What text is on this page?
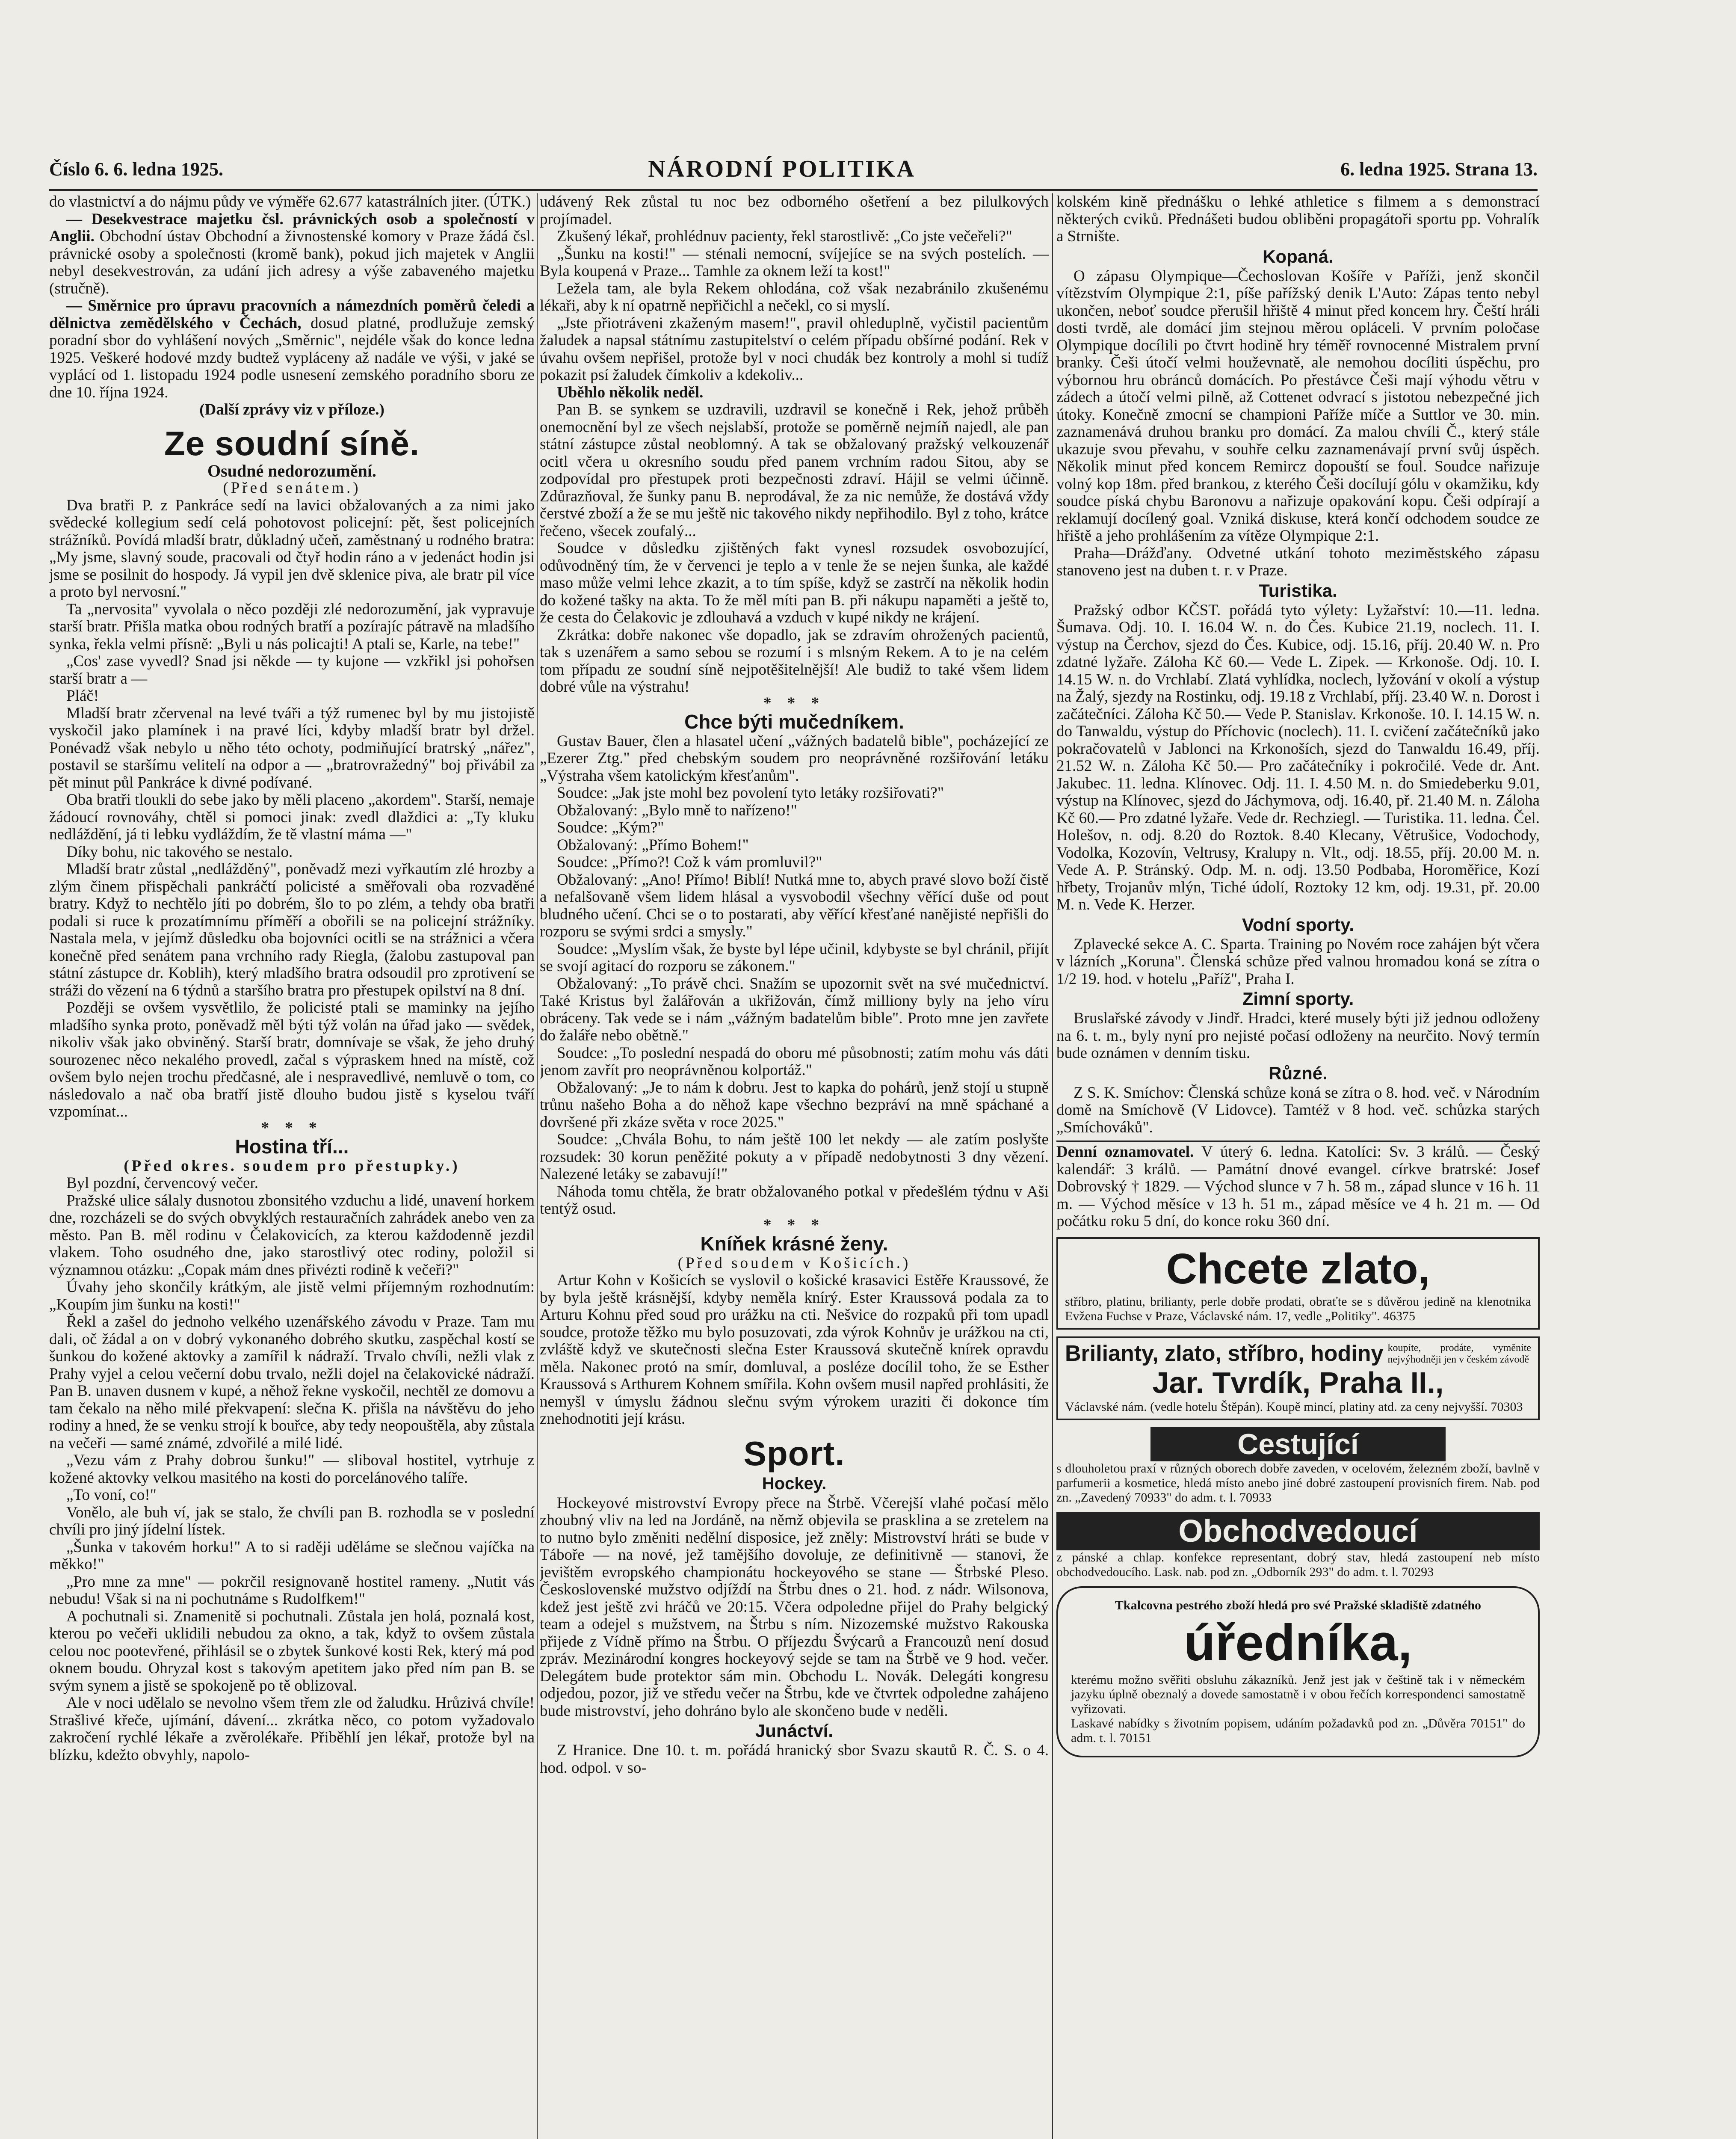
Číslo 6. 6. ledna 1925.	NÁRODNÍ POLITIKA	6. ledna 1925. Strana 13.

do vlastnictví a do nájmu půdy ve výměře 62.677 katastrálních jiter. (ÚTK.)

— Desekvestrace majetku čsl. právnických osob a společností v Anglii. Obchodní ústav Obchodní a živnostenské komory v Praze žádá čsl. právnické osoby a společnosti (kromě bank), pokud jich majetek v Anglii nebyl desekvestrován, za udání jich adresy a výše zabaveného majetku (stručně).

— Směrnice pro úpravu pracovních a námezdních poměrů čeledi a dělnictva zemědělského v Čechách, dosud platné, prodlužuje zemský poradní sbor do vyhlášení nových „Směrnic", nejdéle však do konce ledna 1925. Veškeré hodové mzdy budtež vypláceny až nadále ve výši, v jaké se vyplácí od 1. listopadu 1924 podle usnesení zemského poradního sboru ze dne 10. října 1924.

(Další zprávy viz v příloze.)

Ze soudní síně.
Osudné nedorozumění.
(Před senátem.)

Dva bratři P. z Pankráce sedí na lavici obžalovaných a za nimi jako svědecké kollegium sedí celá pohotovost policejní: pět, šest policejních strážníků. Povídá mladší bratr, důkladný učeň, zaměstnaný u rodného bratra: „My jsme, slavný soude, pracovali od čtyř hodin ráno a v jedenáct hodin jsi jsme se posilnit do hospody. Já vypil jen dvě sklenice piva, ale bratr pil více a proto byl nervosní."

Ta „nervosita" vyvolala o něco později zlé nedorozumění, jak vypravuje starší bratr. Přišla matka obou rodných bratří a pozírajíc pátravě na mladšího synka, řekla velmi přísně: „Byli u nás policajti! A ptali se, Karle, na tebe!"

„Cos' zase vyvedl? Snad jsi někde — ty kujone — vzkřikl jsi pohořsen starší bratr a —

Pláč!

Mladší bratr zčervenal na levé tváři a týž rumenec byl by mu jistojistě vyskočil jako plamínek i na pravé líci, kdyby mladší bratr byl držel. Ponévadž však nebylo u něho této ochoty, podmiňující bratrský „nářez", postavil se staršímu velitelí na odpor a — „bratrovražedný" boj přivábil za pět minut půl Pankráce k divné podívané.

Oba bratři tloukli do sebe jako by měli placeno „akordem". Starší, nemaje žádoucí rovnováhy, chtěl si pomoci jinak: zvedl dlaždici a: „Ty kluku nedláždění, já ti lebku vydláždím, že tě vlastní máma —"

Díky bohu, nic takového se nestalo.

Mladší bratr zůstal „nedlážděný", poněvadž mezi vyřkautím zlé hrozby a zlým činem přispěchali pankráčtí policisté a směřovali oba rozvaděné bratry. Když to nechtělo jíti po dobrém, šlo to po zlém, a tehdy oba bratři podali si ruce k prozatímnímu příměří a obořili se na policejní strážníky. Nastala mela, v jejímž důsledku oba bojovníci ocitli se na strážnici a včera konečně před senátem pana vrchního rady Riegla, (žalobu zastupoval pan státní zástupce dr. Koblih), který mladšího bratra odsoudil pro zprotivení se stráži do vězení na 6 týdnů a staršího bratra pro přestupek opilství na 8 dní.

Později se ovšem vysvětlilo, že policisté ptali se maminky na jejího mladšího synka proto, poněvadž měl býti týž volán na úřad jako — svědek, nikoliv však jako obviněný. Starší bratr, domnívaje se však, že jeho druhý sourozenec něco nekalého provedl, začal s výpraskem hned na místě, což ovšem bylo nejen trochu předčasné, ale i nespravedlivé, nemluvě o tom, co následovalo a nač oba bratří jistě dlouho budou jistě s kyselou tváří vzpomínat...

* * *
Hostina tří...
(Před okres. soudem pro přestupky.)

Byl pozdní, červencový večer.

Pražské ulice sálaly dusnotou zbonsitého vzduchu a lidé, unavení horkem dne, rozcházeli se do svých obvyklých restauračních zahrádek anebo ven za město. Pan B. měl rodinu v Čelakovicích, za kterou každodenně jezdil vlakem. Toho osudného dne, jako starostlivý otec rodiny, položil si významnou otázku: „Copak mám dnes přivézti rodině k večeři?"

Úvahy jeho skončily krátkým, ale jistě velmi příjemným rozhodnutím: „Koupím jim šunku na kosti!"

Řekl a zašel do jednoho velkého uzenářského závodu v Praze. Tam mu dali, oč žádal a on v dobrý vykonaného dobrého skutku, zaspěchal kostí se šunkou do kožené aktovky a zamířil k nádraží. Trvalo chvíli, nežli vlak z Prahy vyjel a celou večerní dobu trvalo, nežli dojel na čelakovické nádraží. Pan B. unaven dusnem v kupé, a něhož řekne vyskočil, nechtěl ze domovu a tam čekalo na něho milé překvapení: slečna K. přišla na návštěvu do jeho rodiny a hned, že se venku strojí k bouřce, aby tedy neopouštěla, aby zůstala na večeři — samé známé, zdvořilé a milé lidé.

„Vezu vám z Prahy dobrou šunku!" — sliboval hostitel, vytrhuje z kožené aktovky velkou masitého na kosti do porcelánového talíře.

„To voní, co!"

Vonělo, ale buh ví, jak se stalo, že chvíli pan B. rozhodla se v poslední chvíli pro jiný jídelní lístek.

„Šunka v takovém horku!" A to si raději uděláme se slečnou vajíčka na měkko!"

„Pro mne za mne" — pokrčil resignovaně hostitel rameny. „Nutit vás nebudu! Však si na ni pochutnáme s Rudolfkem!"

A pochutnali si. Znamenitě si pochutnali. Zůstala jen holá, poznalá kost, kterou po večeři uklidili nebudou za okno, a tak, když to ovšem zůstala celou noc pootevřené, přihlásil se o zbytek šunkové kosti Rek, který má pod oknem boudu. Ohryzal kost s takovým apetitem jako před ním pan B. se svým synem a jistě se spokojeně po tě oblizoval.

Ale v noci udělalo se nevolno všem třem zle od žaludku. Hrůzivá chvíle! Strašlivé křeče, ujímání, dávení... zkrátka něco, co potom vyžadovalo zakročení rychlé lékaře a zvěrolékaře. Přiběhlí jen lékař, protože byl na blízku, kdežto obvyhly, napolo-

udávený Rek zůstal tu noc bez odborného ošetření a bez pilulkových projímadel.

Zkušený lékař, prohlédnuv pacienty, řekl starostlivě: „Co jste večeřeli?"

„Šunku na kosti!" — sténali nemocní, svíjejíce se na svých postelích. — Byla koupená v Praze... Tamhle za oknem leží ta kost!"

Ležela tam, ale byla Rekem ohlodána, což však nezabránilo zkušenému lékaři, aby k ní opatrně nepřičichl a nečekl, co si myslí.

„Jste přiotráveni zkaženým masem!", pravil ohleduplně, vyčistil pacientům žaludek a napsal státnímu zastupitelství o celém případu obšírné podání. Rek v úvahu ovšem nepřišel, protože byl v noci chudák bez kontroly a mohl si tudíž pokazit psí žaludek čímkoliv a kdekoliv...

Uběhlo několik neděl.

Pan B. se synkem se uzdravili, uzdravil se konečně i Rek, jehož průběh onemocnění byl ze všech nejslabší, protože se poměrně nejmíň najedl, ale pan státní zástupce zůstal neoblomný. A tak se obžalovaný pražský velkouzenář ocitl včera u okresního soudu před panem vrchním radou Sitou, aby se zodpovídal pro přestupek proti bezpečnosti zdraví. Hájil se velmi účinně. Zdůrazňoval, že šunky panu B. neprodával, že za nic nemůže, že dostává vždy čerstvé zboží a že se mu ještě nic takového nikdy nepřihodilo. Byl z toho, krátce řečeno, všecek zoufalý...

Soudce v důsledku zjištěných fakt vynesl rozsudek osvobozující, odůvodněný tím, že v červenci je teplo a v tenle že se nejen šunka, ale každé maso může velmi lehce zkazit, a to tím spíše, když se zastrčí na několik hodin do kožené tašky na akta. To že měl míti pan B. při nákupu napaměti a ještě to, že cesta do Čelakovic je zdlouhavá a vzduch v kupé nikdy ne krájení.

Zkrátka: dobře nakonec vše dopadlo, jak se zdravím ohrožených pacientů, tak s uzenářem a samo sebou se rozumí i s mlsným Rekem. A to je na celém tom případu ze soudní síně nejpotěšitelnější! Ale budiž to také všem lidem dobré vůle na výstrahu!

* * *
Chce býti mučedníkem.

Gustav Bauer, člen a hlasatel učení „vážných badatelů bible", pocházející ze „Ezerer Ztg." před chebským soudem pro neoprávněné rozšiřování letáku „Výstraha všem katolickým křesťanům".

Soudce: „Jak jste mohl bez povolení tyto letáky rozšiřovati?"

Obžalovaný: „Bylo mně to nařízeno!"

Soudce: „Kým?"

Obžalovaný: „Přímo Bohem!"

Soudce: „Přímo?! Což k vám promluvil?"

Obžalovaný: „Ano! Přímo! Biblí! Nutká mne to, abych pravé slovo boží čistě a nefalšovaně všem lidem hlásal a vysvobodil všechny věřící duše od pout bludného učení. Chci se o to postarati, aby věřící křesťané nanějisté nepřišli do rozporu se svými srdci a smysly."

Soudce: „Myslím však, že byste byl lépe učinil, kdybyste se byl chránil, přijít se svojí agitací do rozporu se zákonem."

Obžalovaný: „To právě chci. Snažím se upozornit svět na své mučednictví. Také Kristus byl žalářován a ukřižován, čímž milliony byly na jeho víru obráceny. Tak vede se i nám „vážným badatelům bible". Proto mne jen zavřete do žaláře nebo obětně."

Soudce: „To poslední nespadá do oboru mé působnosti; zatím mohu vás dáti jenom zavřít pro neoprávněnou kolportáž."

Obžalovaný: „Je to nám k dobru. Jest to kapka do pohárů, jenž stojí u stupně trůnu našeho Boha a do něhož kape všechno bezpráví na mně spáchané a dovršené při zkáze světa v roce 2025."

Soudce: „Chvála Bohu, to nám ještě 100 let nekdy — ale zatím poslyšte rozsudek: 30 korun peněžité pokuty a v případě nedobytnosti 3 dny vězení. Nalezené letáky se zabavují!"

Náhoda tomu chtěla, že bratr obžalovaného potkal v předešlém týdnu v Aši tentýž osud.

* * *
Kníňek krásné ženy.
(Před soudem v Košicích.)

Artur Kohn v Košicích se vyslovil o košické krasavici Estěře Kraussové, že by byla ještě krásnější, kdyby neměla knírý. Ester Kraussová podala za to Arturu Kohnu před soud pro urážku na cti. Nešvice do rozpaků při tom upadl soudce, protože těžko mu bylo posuzovati, zda výrok Kohnův je urážkou na cti, zvláště když ve skutečnosti slečna Ester Kraussová skutečně knírek opravdu měla. Nakonec protó na smír, domluval, a posléze docílil toho, že se Esther Kraussová s Arthurem Kohnem smířila. Kohn ovšem musil napřed prohlásiti, že nemyšl v úmyslu žádnou slečnu svým výrokem uraziti či dokonce tím znehodnotiti její krásu.

Sport.
Hockey.

Hockeyové mistrovství Evropy přece na Štrbě. Včerejší vlahé počasí mělo zhoubný vliv na led na Jordáně, na němž objevila se prasklina a se zretelem na to nutno bylo změniti nedělní disposice, jež zněly: Mistrovství hráti se bude v Táboře — na nové, jež tamějšího dovoluje, ze definitivně — stanovi, že jevištěm evropského championátu hockeyového se stane — Štrbské Pleso. Československé mužstvo odjíždí na Štrbu dnes o 21. hod. z nádr. Wilsonova, kdež jest ještě zvi hráčů ve 20:15. Včera odpoledne přijel do Prahy belgický team a odejel s mužstvem, na Štrbu s ním. Nizozemské mužstvo Rakouska přijede z Vídně přímo na Štrbu. O příjezdu Švýcarů a Francouzů není dosud zpráv. Mezinárodní kongres hockeyový sejde se tam na Štrbě ve 9 hod. večer. Delegátem bude protektor sám min. Obchodu L. Novák. Delegáti kongresu odjedou, pozor, již ve středu večer na Štrbu, kde ve čtvrtek odpoledne zahájeno bude mistrovství, jeho dohráno bylo ale skončeno bude v neděli.

Junáctví.

Z Hranice. Dne 10. t. m. pořádá hranický sbor Svazu skautů R. Č. S. o 4. hod. odpol. v so-

kolském kině přednášku o lehké athletice s filmem a s demonstrací některých cviků. Přednášeti budou obliběni propagátoři sportu pp. Vohralík a Strnište.

Kopaná.

O zápasu Olympique—Čechoslovan Košíře v Paříži, jenž skončil vítězstvím Olympique 2:1, píše pařížský denik L'Auto: Zápas tento nebyl ukončen, neboť soudce přerušil hřiště 4 minut před koncem hry. Čeští hráli dosti tvrdě, ale domácí jim stejnou měrou opláceli. V prvním poločase Olympique docílili po čtvrt hodině hry téměř rovnocenné Mistralem první branky. Češi útočí velmi houževnatě, ale nemohou docíliti úspěchu, pro výbornou hru obránců domácích. Po přestávce Češi mají výhodu větru v zádech a útočí velmi pilně, až Cottenet odvrací s jistotou nebezpečné jich útoky. Konečně zmocní se championi Paříže míče a Suttlor ve 30. min. zaznamenává druhou branku pro domácí. Za malou chvíli Č., který stále ukazuje svou převahu, v souhře celku zaznamenávají první svůj úspěch. Několik minut před koncem Remircz dopouští se foul. Soudce nařizuje volný kop 18m. před brankou, z kterého Češi docílují gólu v okamžiku, kdy soudce píská chybu Baronovu a nařizuje opakování kopu. Češi odpírají a reklamují docílený goal. Vzniká diskuse, která končí odchodem soudce ze hřiště a jeho prohlášením za vítěze Olympique 2:1.

Praha—Drážďany. Odvetné utkání tohoto meziměstského zápasu stanoveno jest na duben t. r. v Praze.

Turistika.

Pražský odbor KČST. pořádá tyto výlety: Lyžařství: 10.—11. ledna. Šumava. Odj. 10. I. 16.04 W. n. do Čes. Kubice 21.19, noclech. 11. I. výstup na Čerchov, sjezd do Čes. Kubice, odj. 15.16, příj. 20.40 W. n. Pro zdatné lyžaře. Záloha Kč 60.— Vede L. Zipek. — Krkonoše. Odj. 10. I. 14.15 W. n. do Vrchlabí. Zlatá vyhlídka, noclech, lyžování v okolí a výstup na Žalý, sjezdy na Rostinku, odj. 19.18 z Vrchlabí, příj. 23.40 W. n. Dorost i začátečníci. Záloha Kč 50.— Vede P. Stanislav. Krkonoše. 10. I. 14.15 W. n. do Tanwaldu, výstup do Příchovic (noclech). 11. I. cvičení začátečníků jako pokračovatelů v Jablonci na Krkonoších, sjezd do Tanwaldu 16.49, příj. 21.52 W. n. Záloha Kč 50.— Pro začátečníky i pokročilé. Vede dr. Ant. Jakubec. 11. ledna. Klínovec. Odj. 11. I. 4.50 M. n. do Smiedeberku 9.01, výstup na Klínovec, sjezd do Jáchymova, odj. 16.40, př. 21.40 M. n. Záloha Kč 60.— Pro zdatné lyžaře. Vede dr. Rechziegl. — Turistika. 11. ledna. Čel. Holešov, n. odj. 8.20 do Roztok. 8.40 Klecany, Větrušice, Vodochody, Vodolka, Kozovín, Veltrusy, Kralupy n. Vlt., odj. 18.55, příj. 20.00 M. n. Vede A. P. Stránský. Odp. M. n. odj. 13.50 Podbaba, Horoměřice, Kozí hřbety, Trojanův mlýn, Tiché údolí, Roztoky 12 km, odj. 19.31, př. 20.00 M. n. Vede K. Herzer.

Vodní sporty.

Zplavecké sekce A. C. Sparta. Training po Novém roce zahájen být včera v lázních „Koruna". Členská schůze před valnou hromadou koná se zítra o 1/2 19. hod. v hotelu „Paříž", Praha I.

Zimní sporty.

Bruslařské závody v Jindř. Hradci, které musely býti již jednou odloženy na 6. t. m., byly nyní pro nejisté počasí odloženy na neurčito. Nový termín bude oznámen v denním tisku.

Různé.

Z S. K. Smíchov: Členská schůze koná se zítra o 8. hod. več. v Národním domě na Smíchově (V Lidovce). Tamtéž v 8 hod. več. schůzka starých „Smíchováků".

Denní oznamovatel. V úterý 6. ledna. Katolíci: Sv. 3 králů. — Český kalendář: 3 králů. — Památní dnové evangel. církve bratrské: Josef Dobrovský † 1829. — Východ slunce v 7 h. 58 m., západ slunce v 16 h. 11 m. — Východ měsíce v 13 h. 51 m., západ měsíce ve 4 h. 21 m. — Od počátku roku 5 dní, do konce roku 360 dní.

Chcete zlato,
stříbro, platinu, brilianty, perle dobře prodati, obraťte se s důvěrou jedině na klenotnika Evžena Fuchse v Praze, Václavské nám. 17, vedle „Politiky". 46375
Brilianty, zlato, stříbro, hodiny koupíte, prodáte, vyměníte nejvýhodněji jen v českém závodě
Jar. Tvrdík, Praha II.,
Václavské nám. (vedle hotelu Štěpán). Koupě mincí, platiny atd. za ceny nejvyšší. 70303
Cestující
s dlouholetou praxí v různých oborech dobře zaveden, v ocelovém, železném zboží, bavlně v parfumerii a kosmetice, hledá místo anebo jiné dobré zastoupení provisních firem. Nab. pod zn. „Zavedený 70933" do adm. t. l. 70933
Obchodvedoucí
z pánské a chlap. konfekce representant, dobrý stav, hledá zastoupení neb místo obchodvedoucího. Lask. nab. pod zn. „Odborník 293" do adm. t. l. 70293
Tkalcovna pestrého zboží hledá pro své Pražské skladiště zdatného
úředníka,
kterému možno svěřiti obsluhu zákazníků. Jenž jest jak v češtině tak i v německém jazyku úplně obeznalý a dovede samostatně i v obou řečích korrespondenci samostatně vyřizovati.
Laskavé nabídky s životním popisem, udáním požadavků pod zn. „Důvěra 70151" do adm. t. l. 70151
